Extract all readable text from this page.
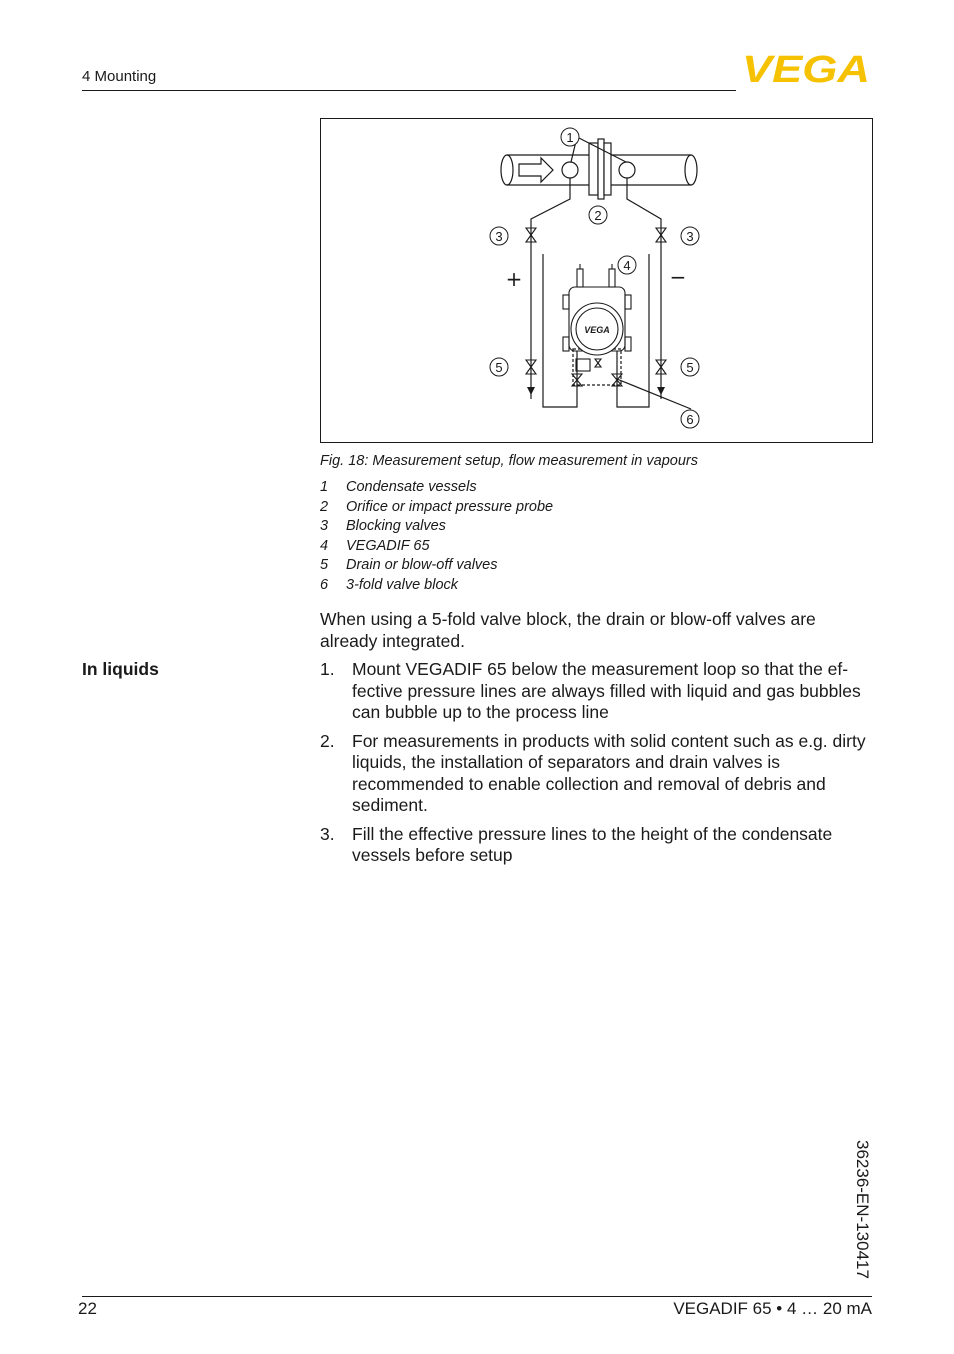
4 Mounting	VEGA
VEGA
1
2
3	3
4
5	5
6
+	−
Fig. 18: Measurement setup, flow measurement in vapours
1	Condensate vessels
2	Orifice or impact pressure probe
3	Blocking valves
4	VEGADIF 65
5	Drain or blow-off valves
6	3-fold valve block
When using a 5-fold valve block, the drain or blow-off valves are already integrated.
In liquids	1. Mount VEGADIF 65 below the measurement loop so that the ef-fective pressure lines are always filled with liquid and gas bubbles can bubble up to the process line
2. For measurements in products with solid content such as e.g. dirty liquids, the installation of separators and drain valves is recommended to enable collection and removal of debris and sediment.
3. Fill the effective pressure lines to the height of the condensate vessels before setup
36236-EN-130417
22	VEGADIF 65 • 4 … 20 mA
